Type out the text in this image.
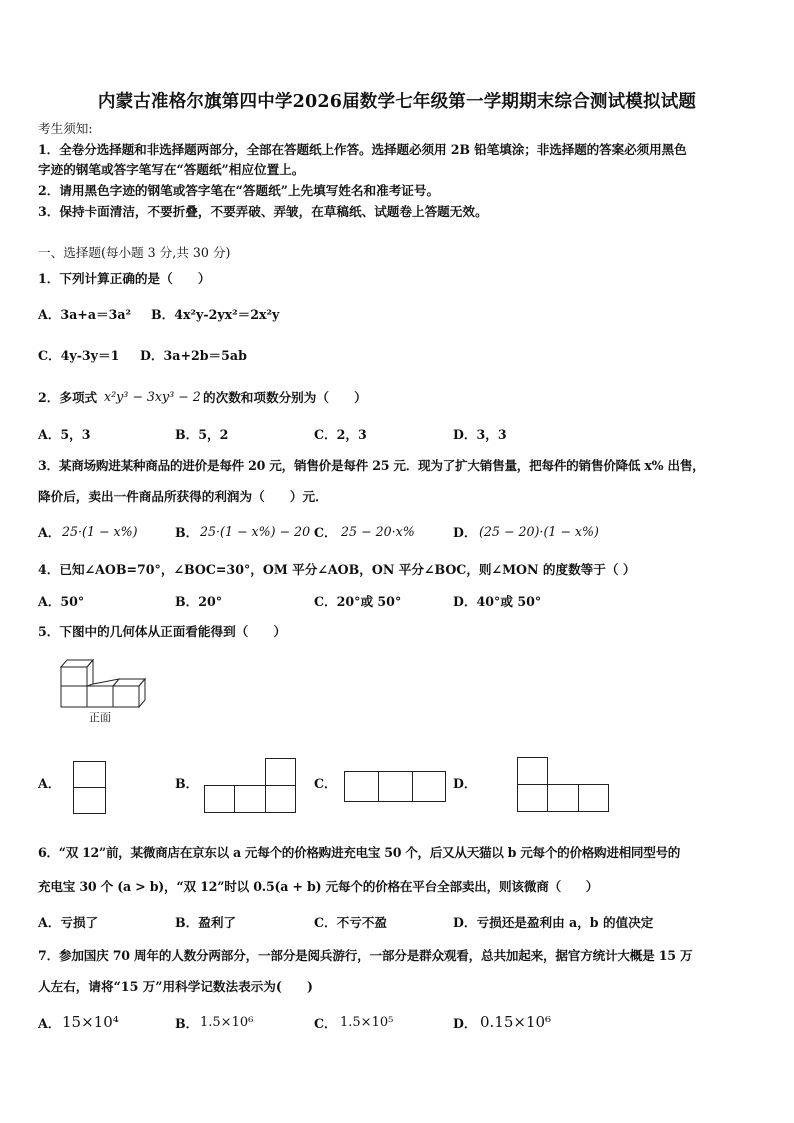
内蒙古准格尔旗第四中学2026届数学七年级第一学期期末综合测试模拟试题
考生须知:
1．全卷分选择题和非选择题两部分，全部在答题纸上作答。选择题必须用 2B 铅笔填涂；非选择题的答案必须用黑色
字迹的钢笔或答字笔写在“答题纸”相应位置上。
2．请用黑色字迹的钢笔或答字笔在“答题纸”上先填写姓名和准考证号。
3．保持卡面清洁，不要折叠，不要弄破、弄皱，在草稿纸、试题卷上答题无效。
一、选择题(每小题 3 分,共 30 分)
1．下列计算正确的是（　　）
A．3a+a＝3a² B．4x²y-2yx²＝2x²y
C．4y-3y＝1 D．3a+2b＝5ab
2．多项式 x²y³ − 3xy³ − 2 的次数和项数分别为（　　）
A．5，3	B．5，2	C．2，3	D．3，3
3．某商场购进某种商品的进价是每件 20 元，销售价是每件 25 元．现为了扩大销售量，把每件的销售价降低 x% 出售，
降价后，卖出一件商品所获得的利润为（　　）元．
A． 25·(1 − x%)	B． 25·(1 − x%) − 20 C． 25 − 20·x%	D． (25 − 20)·(1 − x%)
4．已知∠AOB=70°，∠BOC=30°，OM 平分∠AOB，ON 平分∠BOC，则∠MON 的度数等于（ ）
A．50°	B．20°	C．20°或 50°	D．40°或 50°
5．下图中的几何体从正面看能得到（　　）
正面
A．	B．	C．	D．
6．“双 12”前，某微商店在京东以 a 元每个的价格购进充电宝 50 个，后又从天猫以 b 元每个的价格购进相同型号的
充电宝 30 个 (a > b)，“双 12”时以 0.5(a + b) 元每个的价格在平台全部卖出，则该微商（　　）
A．亏损了	B．盈利了	C．不亏不盈	D．亏损还是盈利由 a，b 的值决定
7．参加国庆 70 周年的人数分两部分，一部分是阅兵游行，一部分是群众观看，总共加起来，据官方统计大概是 15 万
人左右，请将“15 万”用科学记数法表示为(　　)
A． 15×10⁴	B． 1.5×10⁶	C． 1.5×10⁵	D． 0.15×10⁶
